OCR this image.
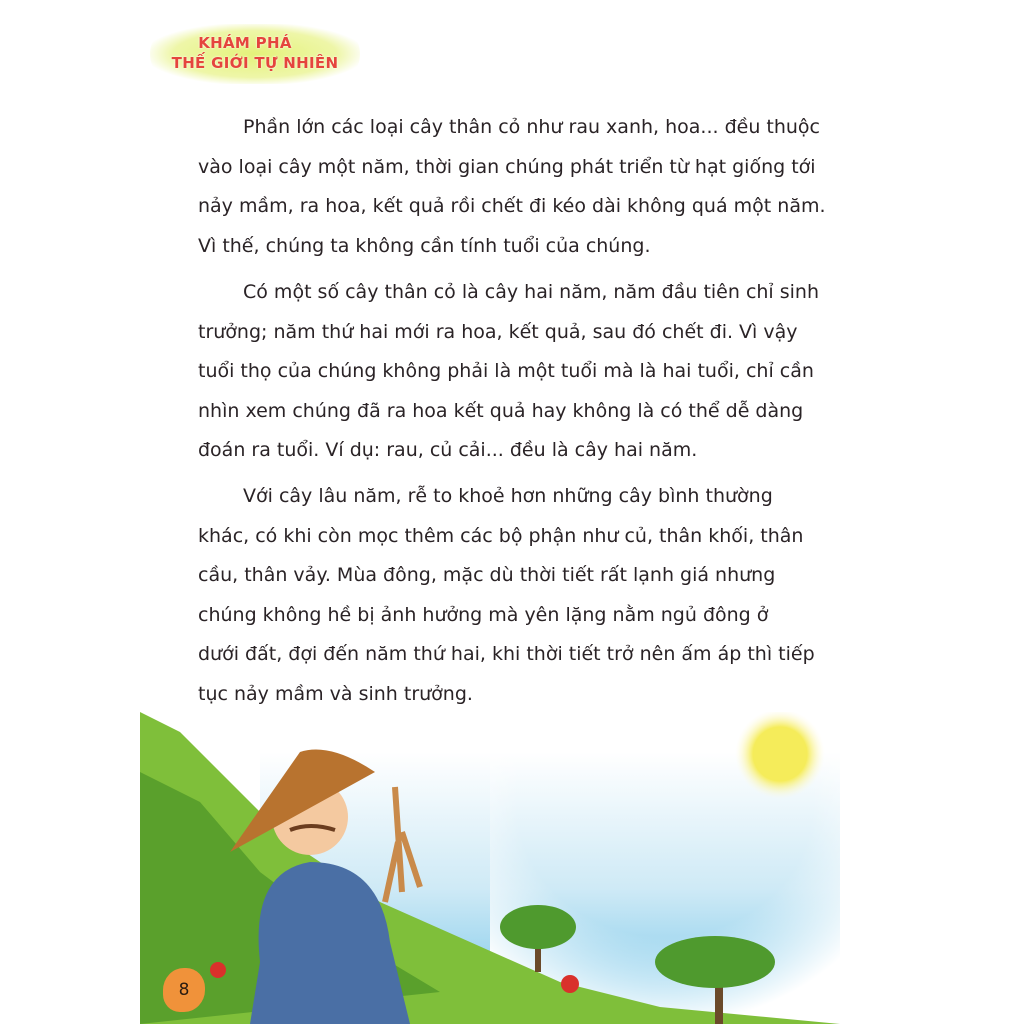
KHÁM PHÁ
THẾ GIỚI TỰ NHIÊN
Phần lớn các loại cây thân cỏ như rau xanh, hoa... đều thuộc
vào loại cây một năm, thời gian chúng phát triển từ hạt giống tới
nảy mầm, ra hoa, kết quả rồi chết đi kéo dài không quá một năm.
Vì thế, chúng ta không cần tính tuổi của chúng.
Có một số cây thân cỏ là cây hai năm, năm đầu tiên chỉ sinh
trưởng; năm thứ hai mới ra hoa, kết quả, sau đó chết đi. Vì vậy
tuổi thọ của chúng không phải là một tuổi mà là hai tuổi, chỉ cần
nhìn xem chúng đã ra hoa kết quả hay không là có thể dễ dàng
đoán ra tuổi. Ví dụ: rau, củ cải... đều là cây hai năm.
Với cây lâu năm, rễ to khoẻ hơn những cây bình thường
khác, có khi còn mọc thêm các bộ phận như củ, thân khối, thân
cầu, thân vảy. Mùa đông, mặc dù thời tiết rất lạnh giá nhưng
chúng không hề bị ảnh hưởng mà yên lặng nằm ngủ đông ở
dưới đất, đợi đến năm thứ hai, khi thời tiết trở nên ấm áp thì tiếp
tục nảy mầm và sinh trưởng.
8
